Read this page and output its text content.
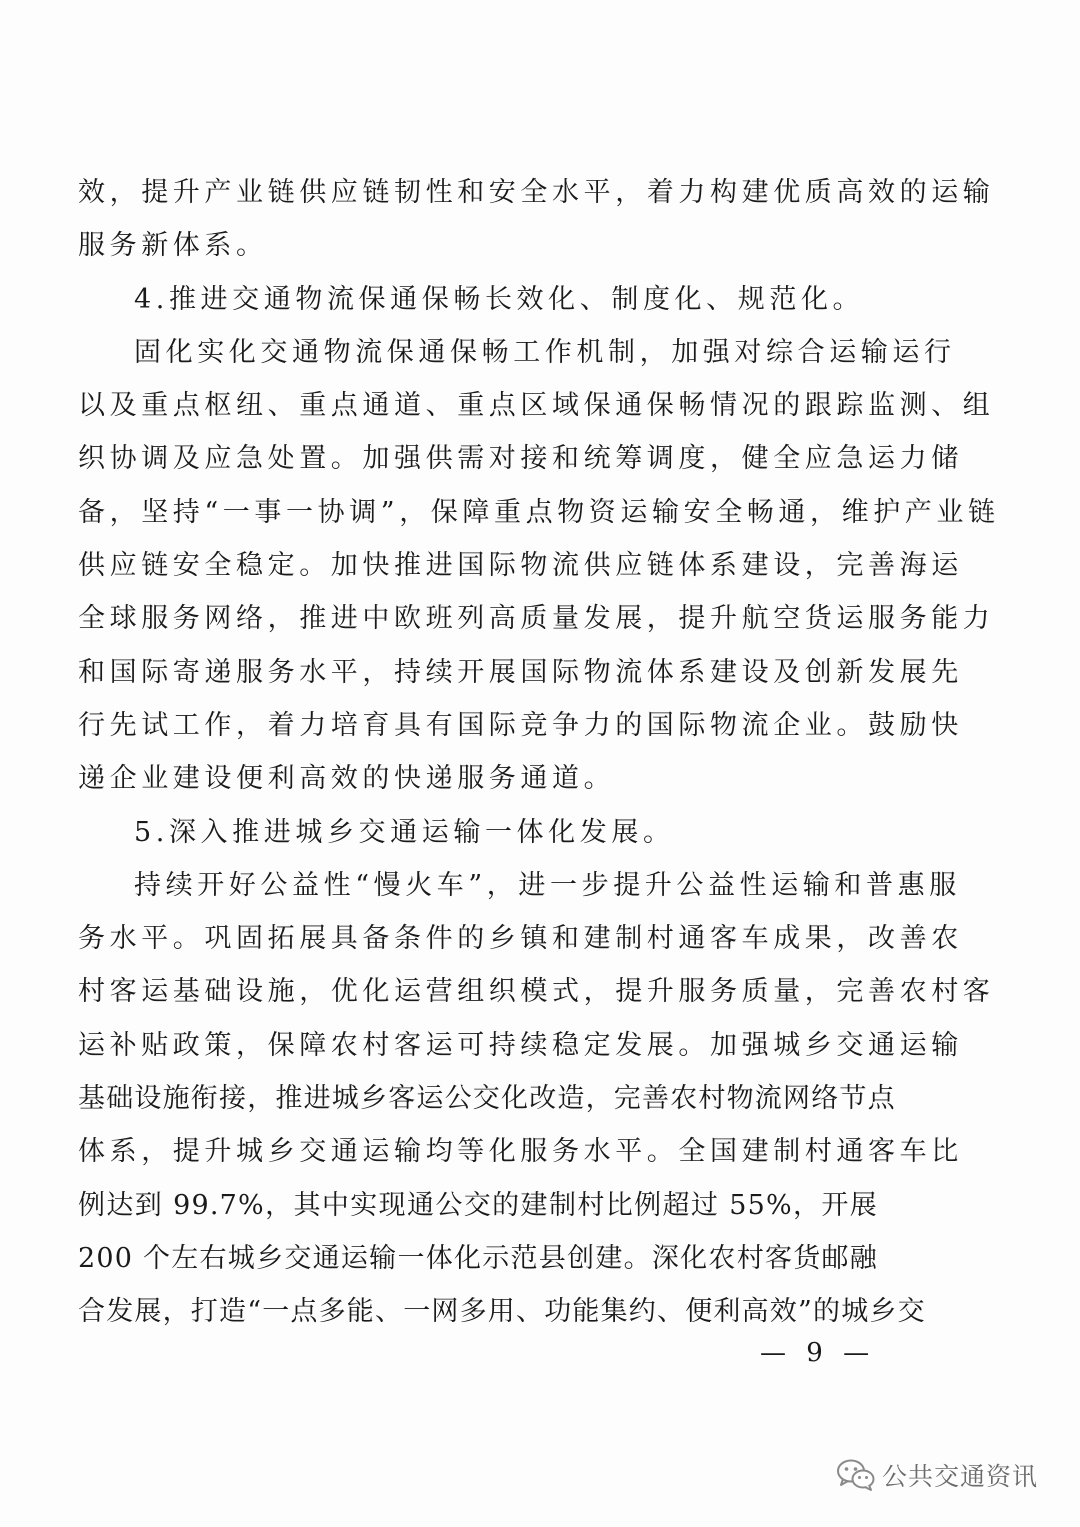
效，提升产业链供应链韧性和安全水平，着力构建优质高效的运输
服务新体系。
4.推进交通物流保通保畅长效化、制度化、规范化。
固化实化交通物流保通保畅工作机制，加强对综合运输运行
以及重点枢纽、重点通道、重点区域保通保畅情况的跟踪监测、组
织协调及应急处置。加强供需对接和统筹调度，健全应急运力储
备，坚持“一事一协调”，保障重点物资运输安全畅通，维护产业链
供应链安全稳定。加快推进国际物流供应链体系建设，完善海运
全球服务网络，推进中欧班列高质量发展，提升航空货运服务能力
和国际寄递服务水平，持续开展国际物流体系建设及创新发展先
行先试工作，着力培育具有国际竞争力的国际物流企业。鼓励快
递企业建设便利高效的快递服务通道。
5.深入推进城乡交通运输一体化发展。
持续开好公益性“慢火车”，进一步提升公益性运输和普惠服
务水平。巩固拓展具备条件的乡镇和建制村通客车成果，改善农
村客运基础设施，优化运营组织模式，提升服务质量，完善农村客
运补贴政策，保障农村客运可持续稳定发展。加强城乡交通运输
基础设施衔接，推进城乡客运公交化改造，完善农村物流网络节点
体系，提升城乡交通运输均等化服务水平。全国建制村通客车比
例达到 99.7%，其中实现通公交的建制村比例超过 55%，开展
200 个左右城乡交通运输一体化示范县创建。深化农村客货邮融
合发展，打造“一点多能、一网多用、功能集约、便利高效”的城乡交
— 9 —
公共交通资讯
